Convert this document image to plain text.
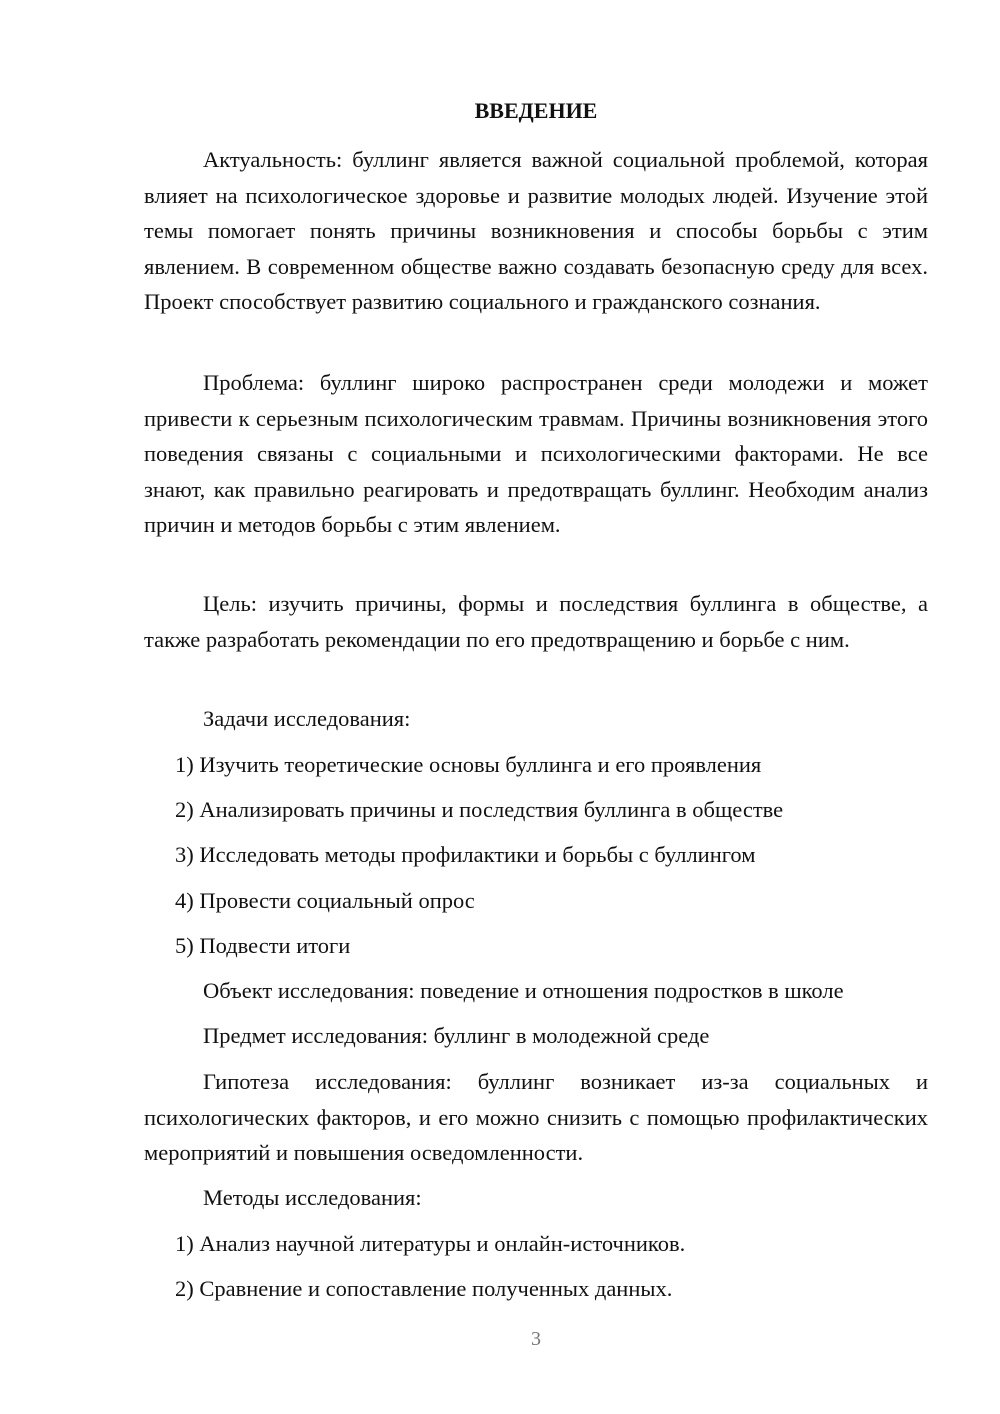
ВВЕДЕНИЕ

Актуальность: буллинг является важной социальной проблемой, которая влияет на психологическое здоровье и развитие молодых людей. Изучение этой темы помогает понять причины возникновения и способы борьбы с этим явлением. В современном обществе важно создавать безопасную среду для всех. Проект способствует развитию социального и гражданского сознания.

Проблема: буллинг широко распространен среди молодежи и может привести к серьезным психологическим травмам. Причины возникновения этого поведения связаны с социальными и психологическими факторами. Не все знают, как правильно реагировать и предотвращать буллинг. Необходим анализ причин и методов борьбы с этим явлением.

Цель: изучить причины, формы и последствия буллинга в обществе, а также разработать рекомендации по его предотвращению и борьбе с ним.

Задачи исследования:

1) Изучить теоретические основы буллинга и его проявления

2) Анализировать причины и последствия буллинга в обществе

3) Исследовать методы профилактики и борьбы с буллингом

4) Провести социальный опрос

5) Подвести итоги

Объект исследования: поведение и отношения подростков в школе

Предмет исследования: буллинг в молодежной среде

Гипотеза исследования: буллинг возникает из-за социальных и психологических факторов, и его можно снизить с помощью профилактических мероприятий и повышения осведомленности.

Методы исследования:

1) Анализ научной литературы и онлайн-источников.

2) Сравнение и сопоставление полученных данных.

3
